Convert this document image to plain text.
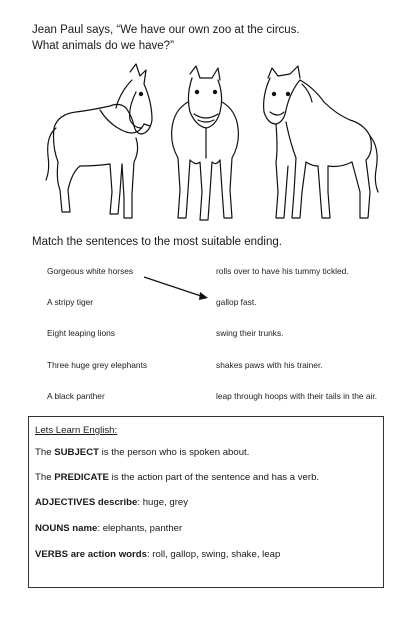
Jean Paul says, “We have our own zoo at the circus.
What animals do we have?”
Match the sentences to the most suitable ending.
Gorgeous white horses
A stripy tiger
Eight leaping lions
Three huge grey elephants
A black panther
rolls over to have his tummy tickled.
gallop fast.
swing their trunks.
shakes paws with his trainer.
leap through hoops with their tails in the air.

Lets Learn English:

The SUBJECT is the person who is spoken about.

The PREDICATE is the action part of the sentence and has a verb.

ADJECTIVES describe: huge, grey

NOUNS name: elephants, panther

VERBS are action words: roll, gallop, swing, shake, leap
